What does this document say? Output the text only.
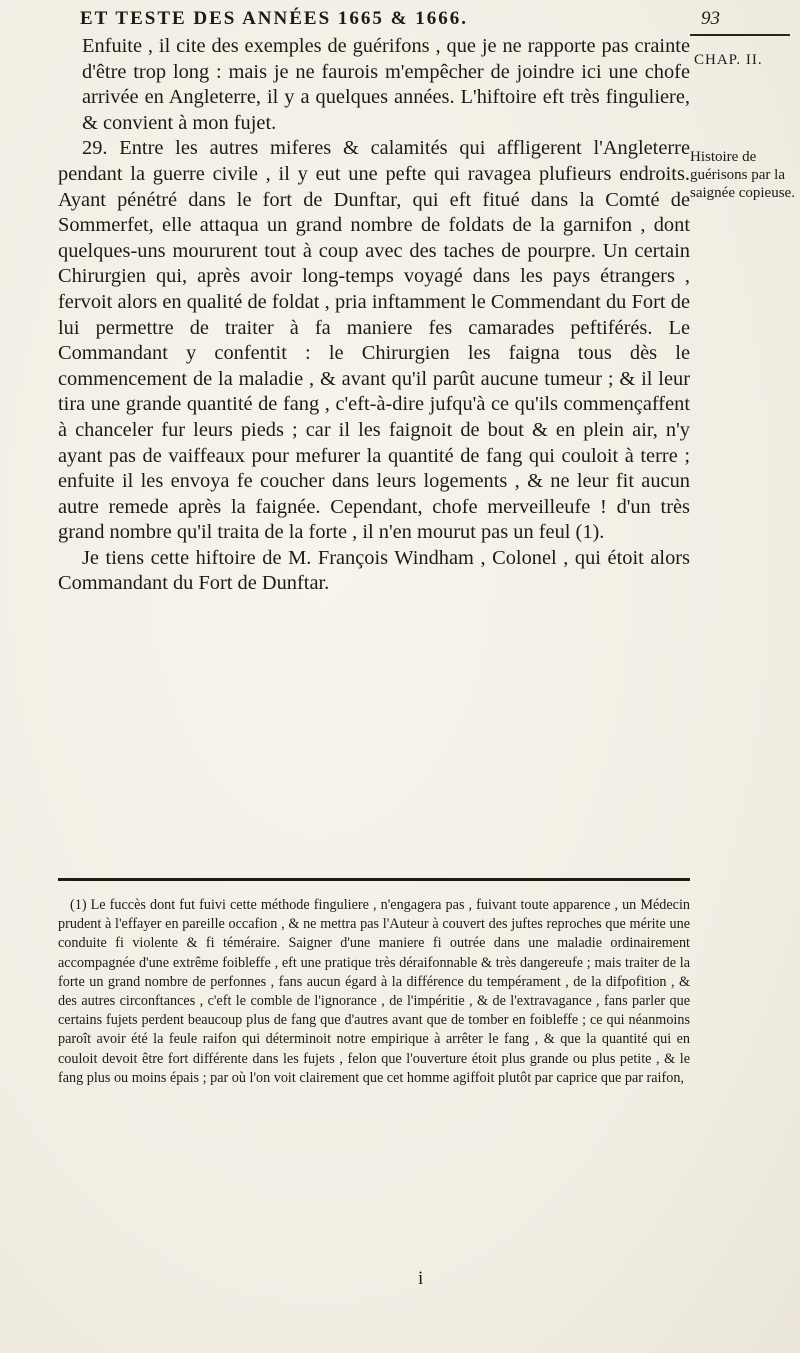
ET TESTE DES ANNÉES 1665 & 1666.	93
CHAP. II.
Histoire de guérisons par la saignée copieuse.

Enfuite , il cite des exemples de guérifons , que je ne rapporte pas crainte d'être trop long : mais je ne faurois m'empêcher de joindre ici une chofe arrivée en Angleterre, il y a quelques années. L'hiftoire eft très finguliere, & convient à mon fujet.

29. Entre les autres miferes & calamités qui affligerent l'Angleterre pendant la guerre civile , il y eut une pefte qui ravagea plufieurs endroits. Ayant pénétré dans le fort de Dunftar, qui eft fitué dans la Comté de Sommerfet, elle attaqua un grand nombre de foldats de la garnifon , dont quelques-uns moururent tout à coup avec des taches de pourpre. Un certain Chirurgien qui, après avoir long-temps voyagé dans les pays étrangers , fervoit alors en qualité de foldat , pria inftamment le Commendant du Fort de lui permettre de traiter à fa maniere fes camarades peftiférés. Le Commandant y confentit : le Chirurgien les faigna tous dès le commencement de la maladie , & avant qu'il parût aucune tumeur ; & il leur tira une grande quantité de fang , c'eft-à-dire jufqu'à ce qu'ils commençaffent à chanceler fur leurs pieds ; car il les faignoit de bout & en plein air, n'y ayant pas de vaiffeaux pour mefurer la quantité de fang qui couloit à terre ; enfuite il les envoya fe coucher dans leurs logements , & ne leur fit aucun autre remede après la faignée. Cependant, chofe merveilleufe ! d'un très grand nombre qu'il traita de la forte , il n'en mourut pas un feul (1).

Je tiens cette hiftoire de M. François Windham , Colonel , qui étoit alors Commandant du Fort de Dunftar.

(1) Le fuccès dont fut fuivi cette méthode finguliere , n'engagera pas , fuivant toute apparence , un Médecin prudent à l'effayer en pareille occafion , & ne mettra pas l'Auteur à couvert des juftes reproches que mérite une conduite fi violente & fi téméraire. Saigner d'une maniere fi outrée dans une maladie ordinairement accompagnée d'une extrême foibleffe , eft une pratique très déraifonnable & très dangereufe ; mais traiter de la forte un grand nombre de perfonnes , fans aucun égard à la différence du tempérament , de la difpofition , & des autres circonftances , c'eft le comble de l'ignorance , de l'impéritie , & de l'extravagance , fans parler que certains fujets perdent beaucoup plus de fang que d'autres avant que de tomber en foibleffe ; ce qui néanmoins paroît avoir été la feule raifon qui déterminoit notre empirique à arrêter le fang , & que la quantité qui en couloit devoit être fort différente dans les fujets , felon que l'ouverture étoit plus grande ou plus petite , & le fang plus ou moins épais ; par où l'on voit clairement que cet homme agiffoit plutôt par caprice que par raifon,

i
